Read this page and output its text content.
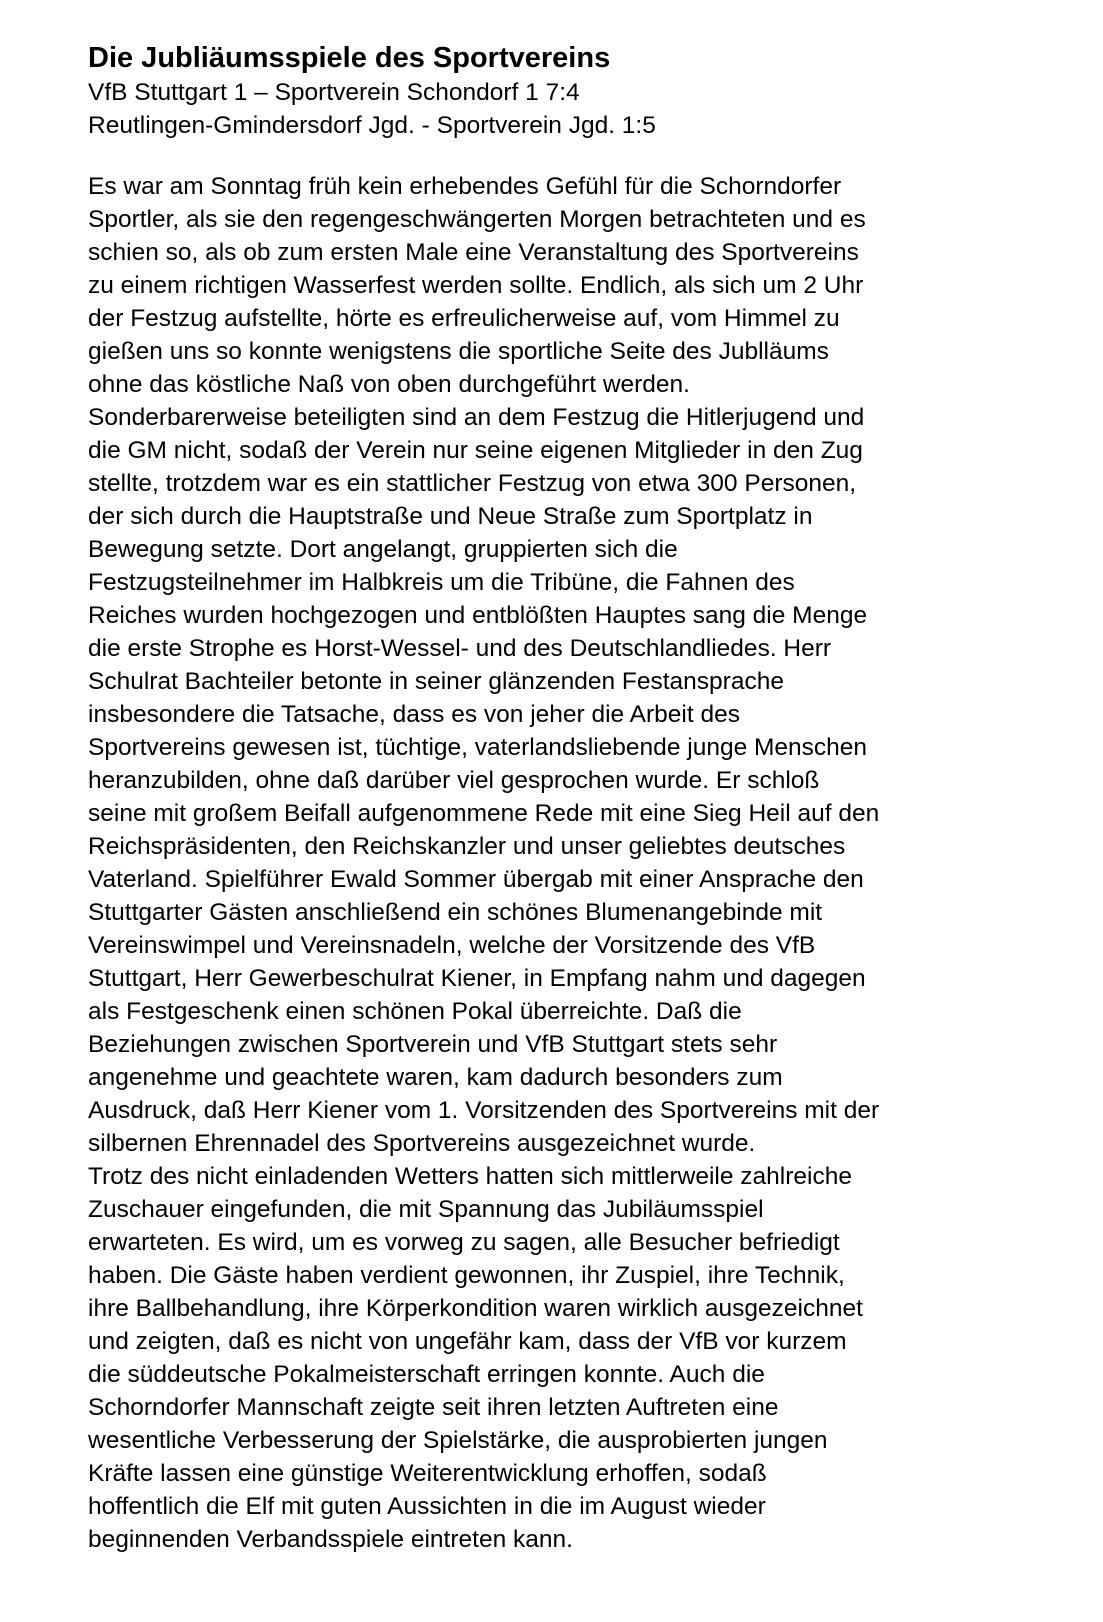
Die Jubliäumsspiele des Sportvereins

VfB Stuttgart 1 – Sportverein Schondorf 1 7:4

Reutlingen-Gmindersdorf Jgd. - Sportverein Jgd. 1:5

Es war am Sonntag früh kein erhebendes Gefühl für die Schorndorfer
Sportler, als sie den regengeschwängerten Morgen betrachteten und es
schien so, als ob zum ersten Male eine Veranstaltung des Sportvereins
zu einem richtigen Wasserfest werden sollte. Endlich, als sich um 2 Uhr
der Festzug aufstellte, hörte es erfreulicherweise auf, vom Himmel zu
gießen uns so konnte wenigstens die sportliche Seite des Jublläums
ohne das köstliche Naß von oben durchgeführt werden.
Sonderbarerweise beteiligten sind an dem Festzug die Hitlerjugend und
die GM nicht, sodaß der Verein nur seine eigenen Mitglieder in den Zug
stellte, trotzdem war es ein stattlicher Festzug von etwa 300 Personen,
der sich durch die Hauptstraße und Neue Straße zum Sportplatz in
Bewegung setzte. Dort angelangt, gruppierten sich die
Festzugsteilnehmer im Halbkreis um die Tribüne, die Fahnen des
Reiches wurden hochgezogen und entblößten Hauptes sang die Menge
die erste Strophe es Horst-Wessel- und des Deutschlandliedes. Herr
Schulrat Bachteiler betonte in seiner glänzenden Festansprache
insbesondere die Tatsache, dass es von jeher die Arbeit des
Sportvereins gewesen ist, tüchtige, vaterlandsliebende junge Menschen
heranzubilden, ohne daß darüber viel gesprochen wurde. Er schloß
seine mit großem Beifall aufgenommene Rede mit eine Sieg Heil auf den
Reichspräsidenten, den Reichskanzler und unser geliebtes deutsches
Vaterland. Spielführer Ewald Sommer übergab mit einer Ansprache den
Stuttgarter Gästen anschließend ein schönes Blumenangebinde mit
Vereinswimpel und Vereinsnadeln, welche der Vorsitzende des VfB
Stuttgart, Herr Gewerbeschulrat Kiener, in Empfang nahm und dagegen
als Festgeschenk einen schönen Pokal überreichte. Daß die
Beziehungen zwischen Sportverein und VfB Stuttgart stets sehr
angenehme und geachtete waren, kam dadurch besonders zum
Ausdruck, daß Herr Kiener vom 1. Vorsitzenden des Sportvereins mit der
silbernen Ehrennadel des Sportvereins ausgezeichnet wurde.
Trotz des nicht einladenden Wetters hatten sich mittlerweile zahlreiche
Zuschauer eingefunden, die mit Spannung das Jubiläumsspiel
erwarteten. Es wird, um es vorweg zu sagen, alle Besucher befriedigt
haben. Die Gäste haben verdient gewonnen, ihr Zuspiel, ihre Technik,
ihre Ballbehandlung, ihre Körperkondition waren wirklich ausgezeichnet
und zeigten, daß es nicht von ungefähr kam, dass der VfB vor kurzem
die süddeutsche Pokalmeisterschaft erringen konnte. Auch die
Schorndorfer Mannschaft zeigte seit ihren letzten Auftreten eine
wesentliche Verbesserung der Spielstärke, die ausprobierten jungen
Kräfte lassen eine günstige Weiterentwicklung erhoffen, sodaß
hoffentlich die Elf mit guten Aussichten in die im August wieder
beginnenden Verbandsspiele eintreten kann.
